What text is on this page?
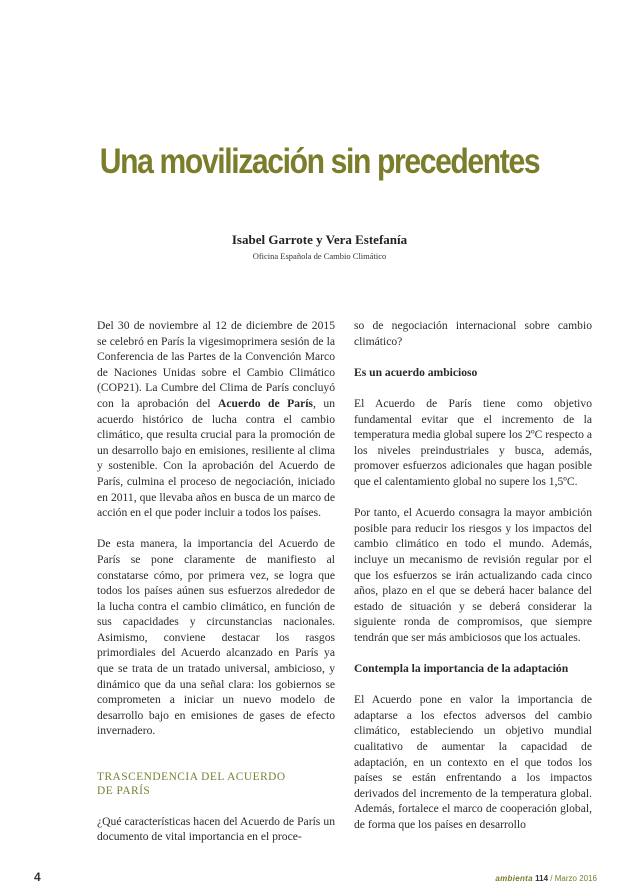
Una movilización sin precedentes
Isabel Garrote y Vera Estefanía
Oficina Española de Cambio Climático

Del 30 de noviembre al 12 de diciembre de 2015 se celebró en París la vigesimoprimera sesión de la Conferencia de las Partes de la Convención Marco de Naciones Unidas sobre el Cambio Climático (COP21). La Cumbre del Clima de París concluyó con la aprobación del Acuerdo de París, un acuerdo histórico de lucha contra el cambio climático, que resulta crucial para la promoción de un desarrollo bajo en emisiones, resiliente al clima y sostenible. Con la aprobación del Acuerdo de París, culmina el proceso de negociación, iniciado en 2011, que llevaba años en busca de un marco de acción en el que poder incluir a todos los países.

De esta manera, la importancia del Acuerdo de París se pone claramente de manifiesto al constatarse cómo, por primera vez, se logra que todos los países aúnen sus esfuerzos alrededor de la lucha contra el cambio climático, en función de sus capacidades y circunstancias nacionales. Asimismo, conviene destacar los rasgos primordiales del Acuerdo alcanzado en París ya que se trata de un tratado universal, ambicioso, y dinámico que da una señal clara: los gobiernos se comprometen a iniciar un nuevo modelo de desarrollo bajo en emisiones de gases de efecto invernadero.

TRASCENDENCIA DEL ACUERDO
DE PARÍS

¿Qué características hacen del Acuerdo de París un documento de vital importancia en el proce-

so de negociación internacional sobre cambio climático?

Es un acuerdo ambicioso

El Acuerdo de París tiene como objetivo fundamental evitar que el incremento de la temperatura media global supere los 2ºC respecto a los niveles preindustriales y busca, además, promover esfuerzos adicionales que hagan posible que el calentamiento global no supere los 1,5ºC.

Por tanto, el Acuerdo consagra la mayor ambición posible para reducir los riesgos y los impactos del cambio climático en todo el mundo. Además, incluye un mecanismo de revisión regular por el que los esfuerzos se irán actualizando cada cinco años, plazo en el que se deberá hacer balance del estado de situación y se deberá considerar la siguiente ronda de compromisos, que siempre tendrán que ser más ambiciosos que los actuales.

Contempla la importancia de la adaptación

El Acuerdo pone en valor la importancia de adaptarse a los efectos adversos del cambio climático, estableciendo un objetivo mundial cualitativo de aumentar la capacidad de adaptación, en un contexto en el que todos los países se están enfrentando a los impactos derivados del incremento de la temperatura global. Además, fortalece el marco de cooperación global, de forma que los países en desarrollo

4	ambienta 114 / Marzo 2016
